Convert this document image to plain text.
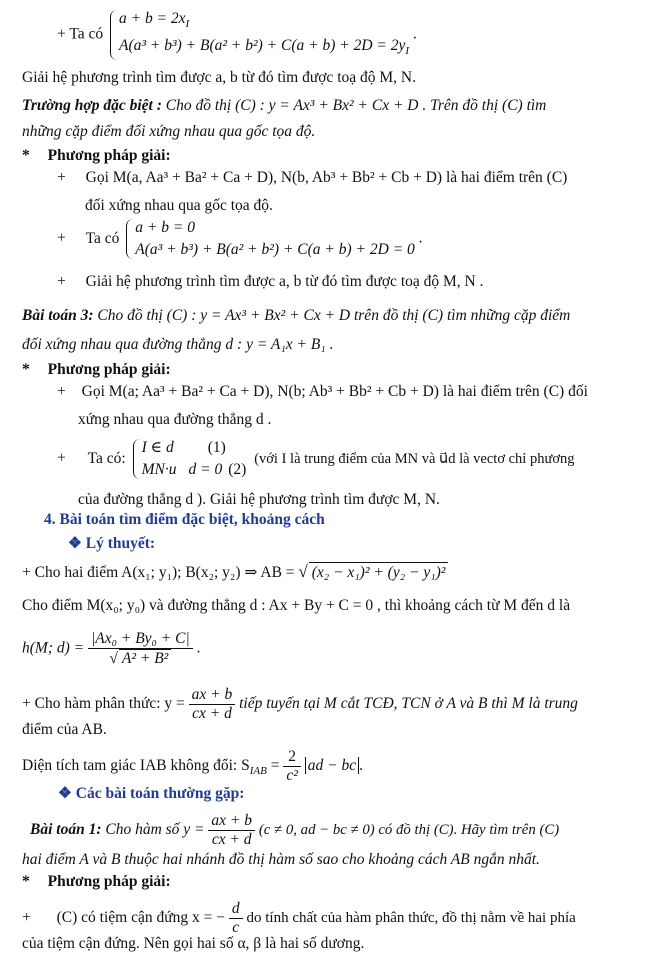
+ Ta có $a + b = 2x_I$
$A(a^3 + b^3) + B(a^2 + b^2) + C(a + b) + 2D = 2y_I$ .
Giải hệ phương trình tìm được a, b từ đó tìm được toạ độ M, N.
Trường hợp đặc biệt : Cho đồ thị (C) : y = Ax³ + Bx² + Cx + D . Trên đồ thị (C) tìm
những cặp điểm đối xứng nhau qua gốc tọa độ.
* Phương pháp giải:
+ Gọi M(a, Aa³ + Ba² + Ca + D), N(b, Ab³ + Bb² + Cb + D) là hai điểm trên (C)
đối xứng nhau qua gốc tọa độ.
+ Ta có a + b = 0
A(a³ + b³) + B(a² + b²) + C(a + b) + 2D = 0 .
+ Giải hệ phương trình tìm được a, b từ đó tìm được toạ độ M, N .
Bài toán 3: Cho đồ thị (C) : y = Ax³ + Bx² + Cx + D trên đồ thị (C) tìm những cặp điểm
đối xứng nhau qua đường thẳng d : y = A₁x + B₁ .
* Phương pháp giải:
+ Gọi M(a; Aa³ + Ba² + Ca + D), N(b; Ab³ + Bb² + Cb + D) là hai điểm trên (C) đối
xứng nhau qua đường thẳng d .
+ Ta có: I ∈ d (1)
MN·u⃗d = 0 (2) (với I là trung điểm của MN và u⃗d là vectơ chỉ phương
của đường thẳng d ). Giải hệ phương trình tìm được M, N.
4. Bài toán tìm điểm đặc biệt, khoảng cách
❖ Lý thuyết:
+ Cho hai điểm A(x₁; y₁); B(x₂; y₂) ⇒ AB = √ (x₂ − x₁)² + (y₂ − y₁)²
Cho điểm M(x₀; y₀) và đường thẳng d : Ax + By + C = 0 , thì khoảng cách từ M đến d là
h(M; $d) = \frac{\text{|Ax₀ + By₀ + C|}}{\text{√ A² + B²}}$ .
+ Cho hàm phân thức: $y = \frac{ax + b}{cx + d}$ tiếp tuyến tại M cắt TCĐ, TCN ở A và B thì M là trung
điểm của AB.
Diện tích tam giác IAB không đổi: $S_{IAB} = \frac{2}{\text{c²}}$ ad − bc .
❖ Các bài toán thường gặp:
Bài toán 1: Cho hàm số $y = \frac{ax + b}{cx + d} (c \ne 0$, ad − bc ≠ 0) có đồ thị (C). Hãy tìm trên (C)
hai điểm A và B thuộc hai nhánh đồ thị hàm số sao cho khoảng cách AB ngắn nhất.
* Phương pháp giải:
+ (C) có tiệm cận đứng x = − $\frac{d}{c}$ do tính chất của hàm phân thức, đồ thị nằm về hai phía
của tiệm cận đứng. Nên gọi hai số α, β là hai số dương.
